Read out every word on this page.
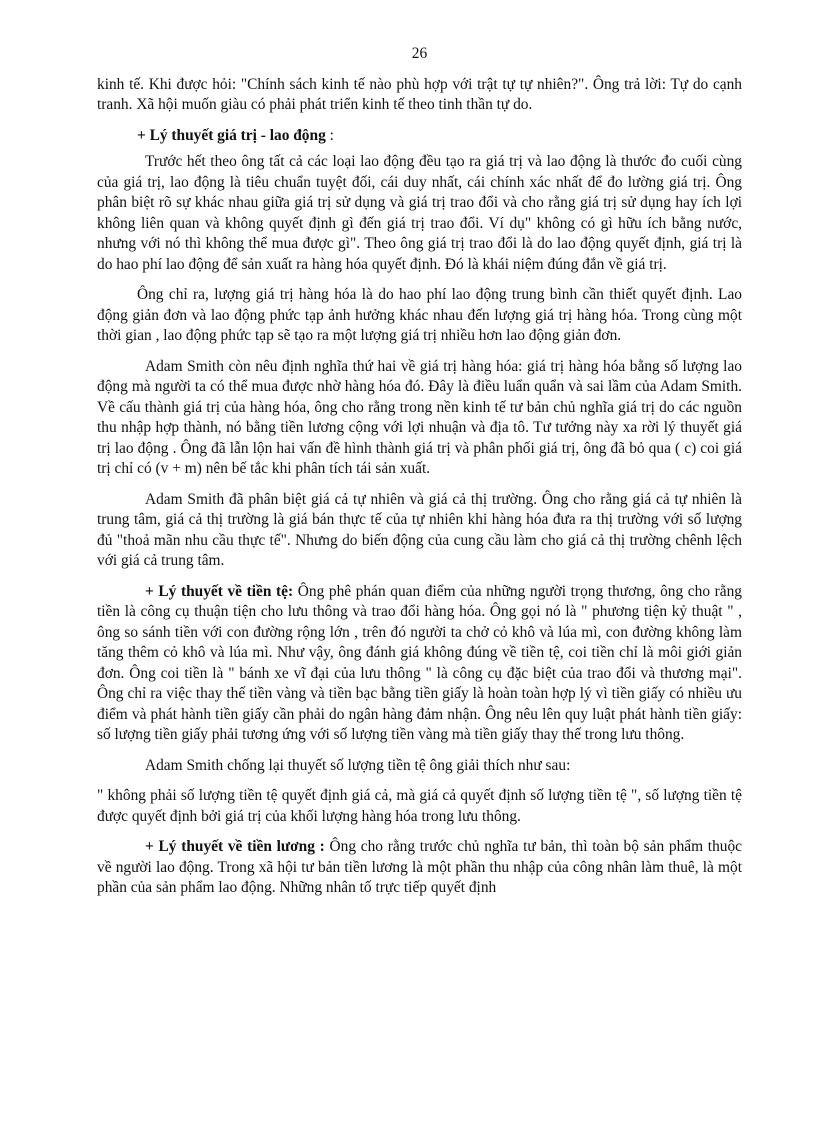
26

kinh tế. Khi được hỏi: "Chính sách kinh tế nào phù hợp với trật tự tự nhiên?". Ông trả lời: Tự do cạnh tranh. Xã hội muốn giàu có phải phát triển kinh tế theo tinh thần tự do.

+ Lý thuyết giá trị - lao động :

Trước hết theo ông tất cả các loại lao động đều tạo ra giá trị và lao động là thước đo cuối cùng của giá trị, lao động là tiêu chuẩn tuyệt đối, cái duy nhất, cái chính xác nhất để đo lường giá trị. Ông phân biệt rõ sự khác nhau giữa giá trị sử dụng và giá trị trao đổi và cho rằng giá trị sử dụng hay ích lợi không liên quan và không quyết định gì đến giá trị trao đổi. Ví dụ" không có gì hữu ích bằng nước, nhưng với nó thì không thể mua được gì". Theo ông giá trị trao đổi là do lao động quyết định, giá trị là do hao phí lao động để sản xuất ra hàng hóa quyết định. Đó là khái niệm đúng đắn về giá trị.

Ông chỉ ra, lượng giá trị hàng hóa là do hao phí lao động trung bình cần thiết quyết định. Lao động giản đơn và lao động phức tạp ảnh hưởng khác nhau đến lượng giá trị hàng hóa. Trong cùng một thời gian , lao động phức tạp sẽ tạo ra một lượng giá trị nhiều hơn lao động giản đơn.

Adam Smith còn nêu định nghĩa thứ hai về giá trị hàng hóa: giá trị hàng hóa bằng số lượng lao động mà người ta có thể mua được nhờ hàng hóa đó. Đây là điều luẩn quẩn và sai lầm của Adam Smith. Về cấu thành giá trị của hàng hóa, ông cho rằng trong nền kinh tế tư bản chủ nghĩa giá trị do các nguồn thu nhập hợp thành, nó bằng tiền lương cộng với lợi nhuận và địa tô. Tư tưởng này xa rời lý thuyết giá trị lao động . Ông đã lẫn lộn hai vấn đề hình thành giá trị và phân phối giá trị, ông đã bỏ qua ( c) coi giá trị chỉ có (v + m) nên bế tắc khi phân tích tái sản xuất.

Adam Smith đã phân biệt giá cả tự nhiên và giá cả thị trường. Ông cho rằng giá cả tự nhiên là trung tâm, giá cả thị trường là giá bán thực tế của tự nhiên khi hàng hóa đưa ra thị trường với số lượng đủ "thoả mãn nhu cầu thực tế". Nhưng do biến động của cung cầu làm cho giá cả thị trường chênh lệch với giá cả trung tâm.

+ Lý thuyết về tiền tệ: Ông phê phán quan điểm của những người trọng thương, ông cho rằng tiền là công cụ thuận tiện cho lưu thông và trao đổi hàng hóa. Ông gọi nó là " phương tiện kỷ thuật " , ông so sánh tiền với con đường rộng lớn , trên đó người ta chở cỏ khô và lúa mì, con đường không làm tăng thêm cỏ khô và lúa mì. Như vậy, ông đánh giá không đúng về tiền tệ, coi tiền chỉ là môi giới giản đơn. Ông coi tiền là " bánh xe vĩ đại của lưu thông " là công cụ đặc biệt của trao đổi và thương mại". Ông chỉ ra việc thay thế tiền vàng và tiền bạc bằng tiền giấy là hoàn toàn hợp lý vì tiền giấy có nhiều ưu điểm và phát hành tiền giấy cần phải do ngân hàng đảm nhận. Ông nêu lên quy luật phát hành tiền giấy: số lượng tiền giấy phải tương ứng với số lượng tiền vàng mà tiền giấy thay thế trong lưu thông.

Adam Smith chống lại thuyết số lượng tiền tệ ông giải thích như sau:

" không phải số lượng tiền tệ quyết định giá cả, mà giá cả quyết định số lượng tiền tệ ", số lượng tiền tệ được quyết định bởi giá trị của khối lượng hàng hóa trong lưu thông.

+ Lý thuyết về tiền lương : Ông cho rằng trước chủ nghĩa tư bản, thì toàn bộ sản phẩm thuộc về người lao động. Trong xã hội tư bản tiền lương là một phần thu nhập của công nhân làm thuê, là một phần của sản phẩm lao động. Những nhân tố trực tiếp quyết định
